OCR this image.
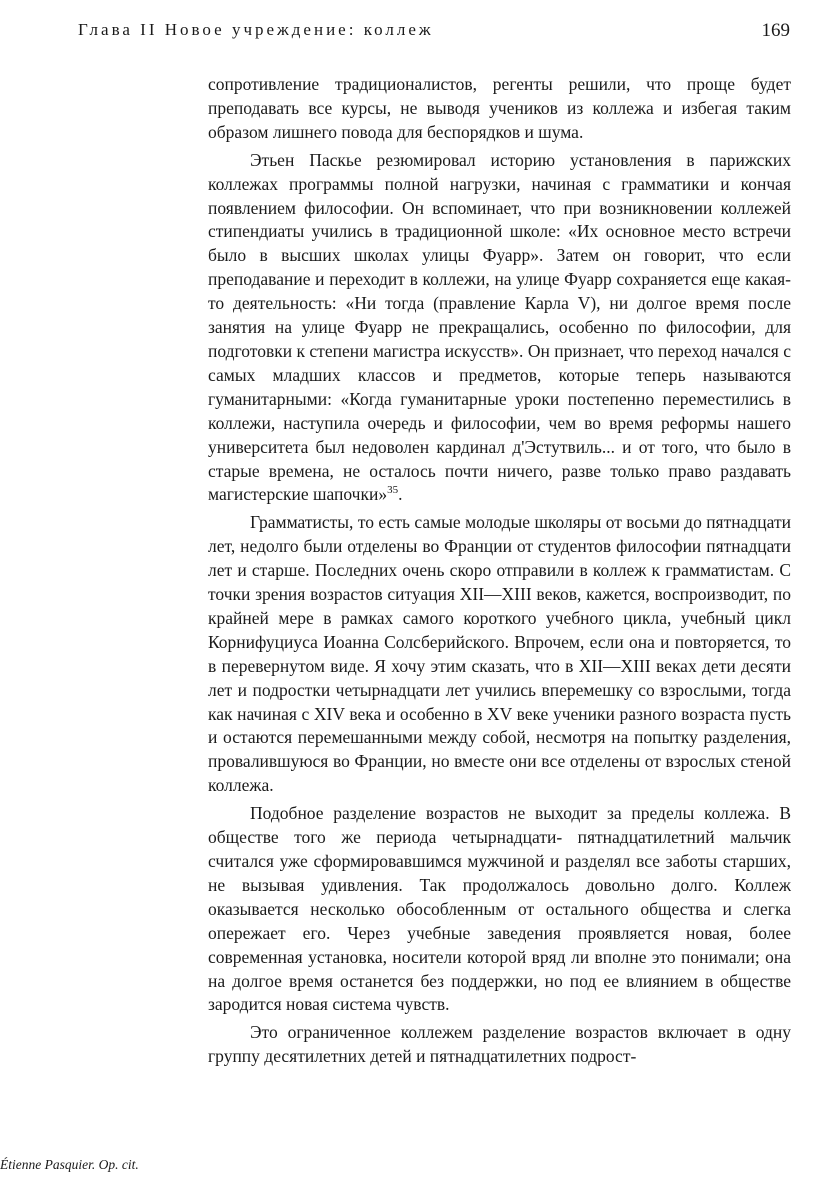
Глава II Новое учреждение: коллеж	169

сопротивление традиционалистов, регенты решили, что проще будет преподавать все курсы, не выводя учеников из коллежа и избегая таким образом лишнего повода для беспорядков и шума.

Этьен Паскье резюмировал историю установления в парижских коллежах программы полной нагрузки, начиная с грамматики и кончая появлением философии. Он вспоминает, что при возникновении коллежей стипендиаты учились в традиционной школе: «Их основное место встречи было в высших школах улицы Фуарр». Затем он говорит, что если преподавание и переходит в коллежи, на улице Фуарр сохраняется еще какая-то деятельность: «Ни тогда (правление Карла V), ни долгое время после занятия на улице Фуарр не прекращались, особенно по философии, для подготовки к степени магистра искусств». Он признает, что переход начался с самых младших классов и предметов, которые теперь называются гуманитарными: «Когда гуманитарные уроки постепенно переместились в коллежи, наступила очередь и философии, чем во время реформы нашего университета был недоволен кардинал д'Эстутвиль... и от того, что было в старые времена, не осталось почти ничего, разве только право раздавать магистерские шапочки»$^{35}$.

Грамматисты, то есть самые молодые школяры от восьми до пятнадцати лет, недолго были отделены во Франции от студентов философии пятнадцати лет и старше. Последних очень скоро отправили в коллеж к грамматистам. С точки зрения возрастов ситуация XII—XIII веков, кажется, воспроизводит, по крайней мере в рамках самого короткого учебного цикла, учебный цикл Корнифуциуса Иоанна Солсберийского. Впрочем, если она и повторяется, то в перевернутом виде. Я хочу этим сказать, что в XII—XIII веках дети десяти лет и подростки четырнадцати лет учились вперемешку со взрослыми, тогда как начиная с XIV века и особенно в XV веке ученики разного возраста пусть и остаются перемешанными между собой, несмотря на попытку разделения, провалившуюся во Франции, но вместе они все отделены от взрослых стеной коллежа.

Подобное разделение возрастов не выходит за пределы коллежа. В обществе того же периода четырнадцати- пятнадцатилетний мальчик считался уже сформировавшимся мужчиной и разделял все заботы старших, не вызывая удивления. Так продолжалось довольно долго. Коллеж оказывается несколько обособленным от остального общества и слегка опережает его. Через учебные заведения проявляется новая, более современная установка, носители которой вряд ли вполне это понимали; она на долгое время останется без поддержки, но под ее влиянием в обществе зародится новая система чувств.

Это ограниченное коллежем разделение возрастов включает в одну группу десятилетних детей и пятнадцатилетних подрост-

Étienne Pasquier. Op. cit.
